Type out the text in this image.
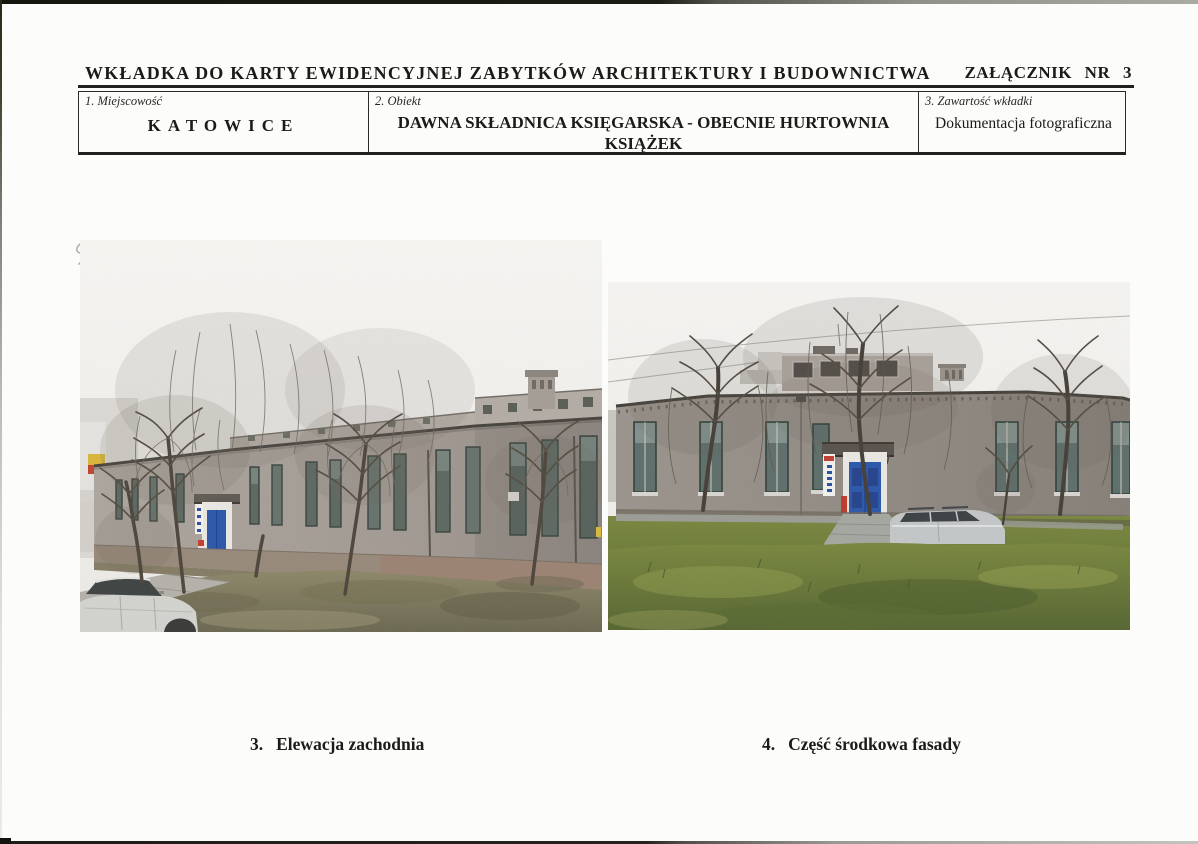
WKŁADKA DO KARTY EWIDENCYJNEJ ZABYTKÓW ARCHITEKTURY I BUDOWNICTWA ZAŁĄCZNIK NR 3
1. Miejscowość
KATOWICE
2. Obiekt
DAWNA SKŁADNICA KSIĘGARSKA - OBECNIE HURTOWNIA KSIĄŻEK
3. Zawartość wkładki
Dokumentacja fotograficzna
3. Elewacja zachodnia	4. Część środkowa fasady
